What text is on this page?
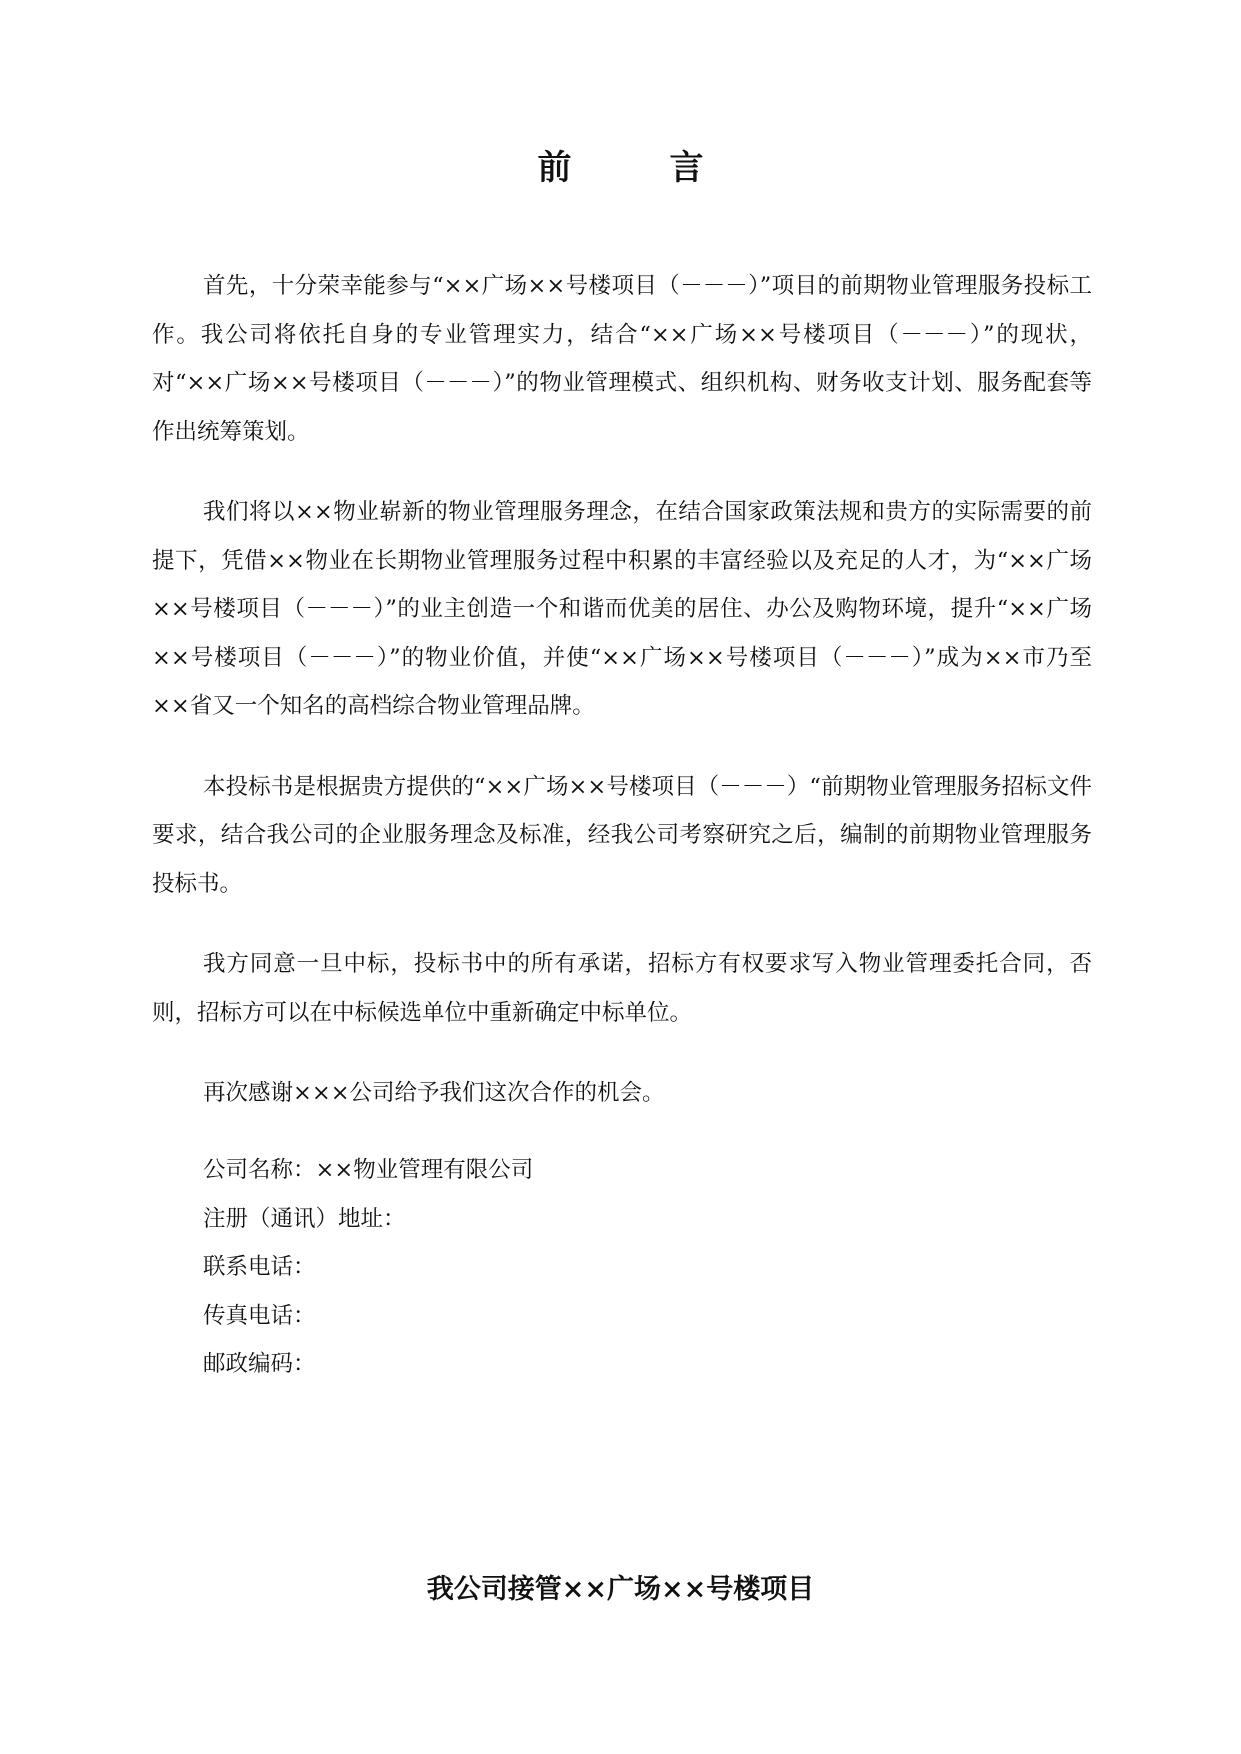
前　言

首先，十分荣幸能参与“××广场××号楼项目（－－－）”项目的前期物业管理服务投标工作。我公司将依托自身的专业管理实力，结合“××广场××号楼项目（－－－）”的现状，对“××广场××号楼项目（－－－）”的物业管理模式、组织机构、财务收支计划、服务配套等作出统筹策划。

我们将以××物业崭新的物业管理服务理念，在结合国家政策法规和贵方的实际需要的前提下，凭借××物业在长期物业管理服务过程中积累的丰富经验以及充足的人才，为“××广场××号楼项目（－－－）”的业主创造一个和谐而优美的居住、办公及购物环境，提升“××广场××号楼项目（－－－）”的物业价值，并使“××广场××号楼项目（－－－）”成为××市乃至××省又一个知名的高档综合物业管理品牌。

本投标书是根据贵方提供的“××广场××号楼项目（－－－）“前期物业管理服务招标文件要求，结合我公司的企业服务理念及标准，经我公司考察研究之后，编制的前期物业管理服务投标书。

我方同意一旦中标，投标书中的所有承诺，招标方有权要求写入物业管理委托合同，否则，招标方可以在中标候选单位中重新确定中标单位。

再次感谢×××公司给予我们这次合作的机会。

公司名称：××物业管理有限公司
注册（通讯）地址：
联系电话：
传真电话：
邮政编码：
我公司接管××广场××号楼项目
